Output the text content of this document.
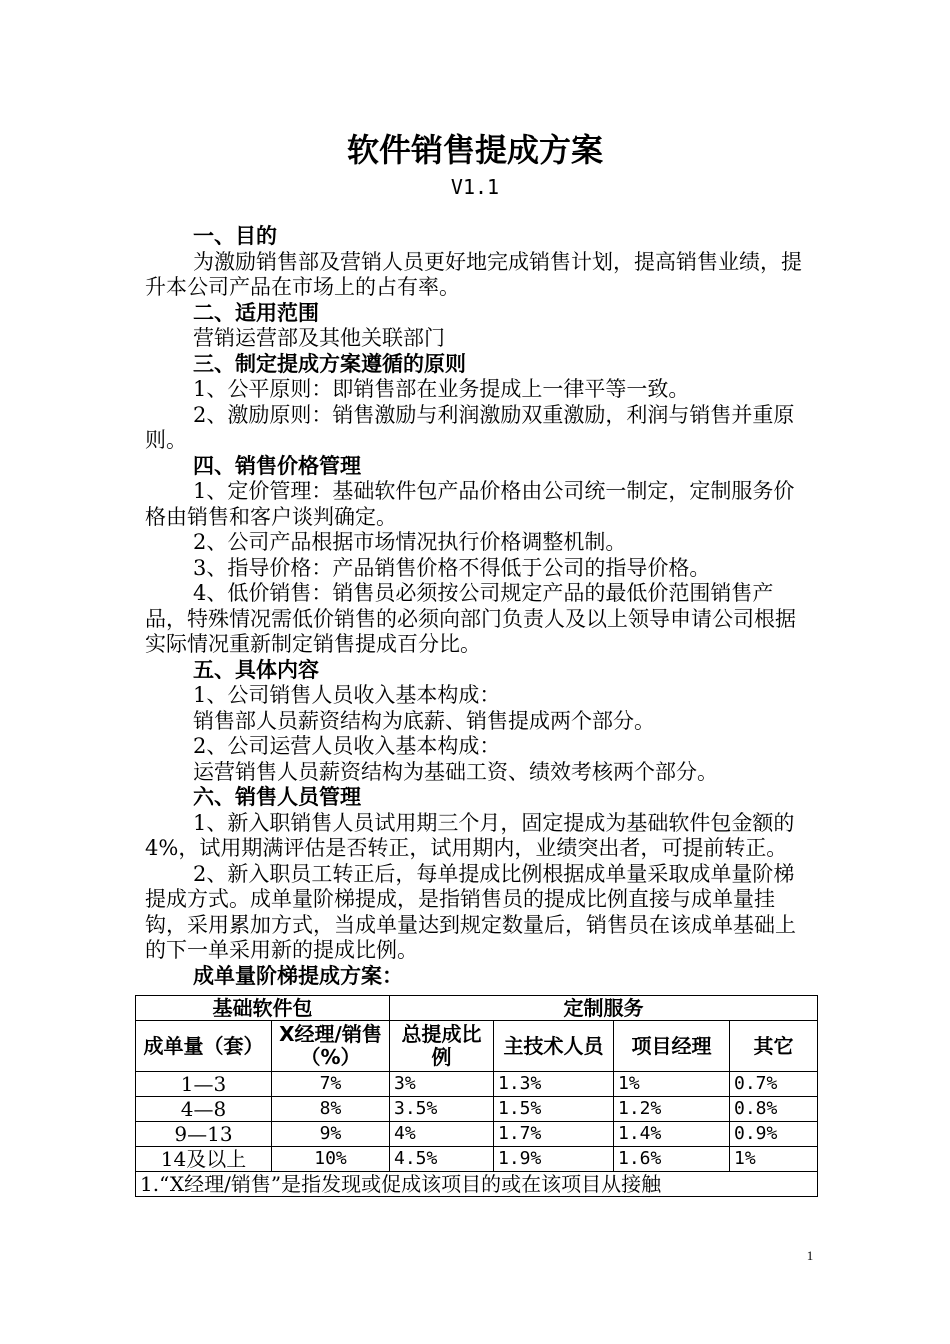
软件销售提成方案
V1.1

一、目的

为激励销售部及营销人员更好地完成销售计划，提高销售业绩，提升本公司产品在市场上的占有率。

二、适用范围

营销运营部及其他关联部门

三、制定提成方案遵循的原则

1、公平原则：即销售部在业务提成上一律平等一致。

2、激励原则：销售激励与利润激励双重激励，利润与销售并重原则。

四、销售价格管理

1、定价管理：基础软件包产品价格由公司统一制定，定制服务价格由销售和客户谈判确定。

2、公司产品根据市场情况执行价格调整机制。

3、指导价格：产品销售价格不得低于公司的指导价格。

4、低价销售：销售员必须按公司规定产品的最低价范围销售产品，特殊情况需低价销售的必须向部门负责人及以上领导申请公司根据实际情况重新制定销售提成百分比。

五、具体内容

1、公司销售人员收入基本构成：

销售部人员薪资结构为底薪、销售提成两个部分。

2、公司运营人员收入基本构成：

运营销售人员薪资结构为基础工资、绩效考核两个部分。

六、销售人员管理

1、新入职销售人员试用期三个月，固定提成为基础软件包金额的4%，试用期满评估是否转正，试用期内，业绩突出者，可提前转正。

2、新入职员工转正后，每单提成比例根据成单量采取成单量阶梯提成方式。成单量阶梯提成，是指销售员的提成比例直接与成单量挂钩，采用累加方式，当成单量达到规定数量后，销售员在该成单基础上的下一单采用新的提成比例。

成单量阶梯提成方案：

基础软件包		定制服务			
成单量（套）	X经理/销售（%）	总提成比例	主技术人员	项目经理	其它
1—3	7%	3%	1.3%	1%	0.7%
4—8	8%	3.5%	1.5%	1.2%	0.8%
9—13	9%	4%	1.7%	1.4%	0.9%
14及以上	10%	4.5%	1.9%	1.6%	1%
1.“X经理/销售”是指发现或促成该项目的或在该项目从接触					
1
